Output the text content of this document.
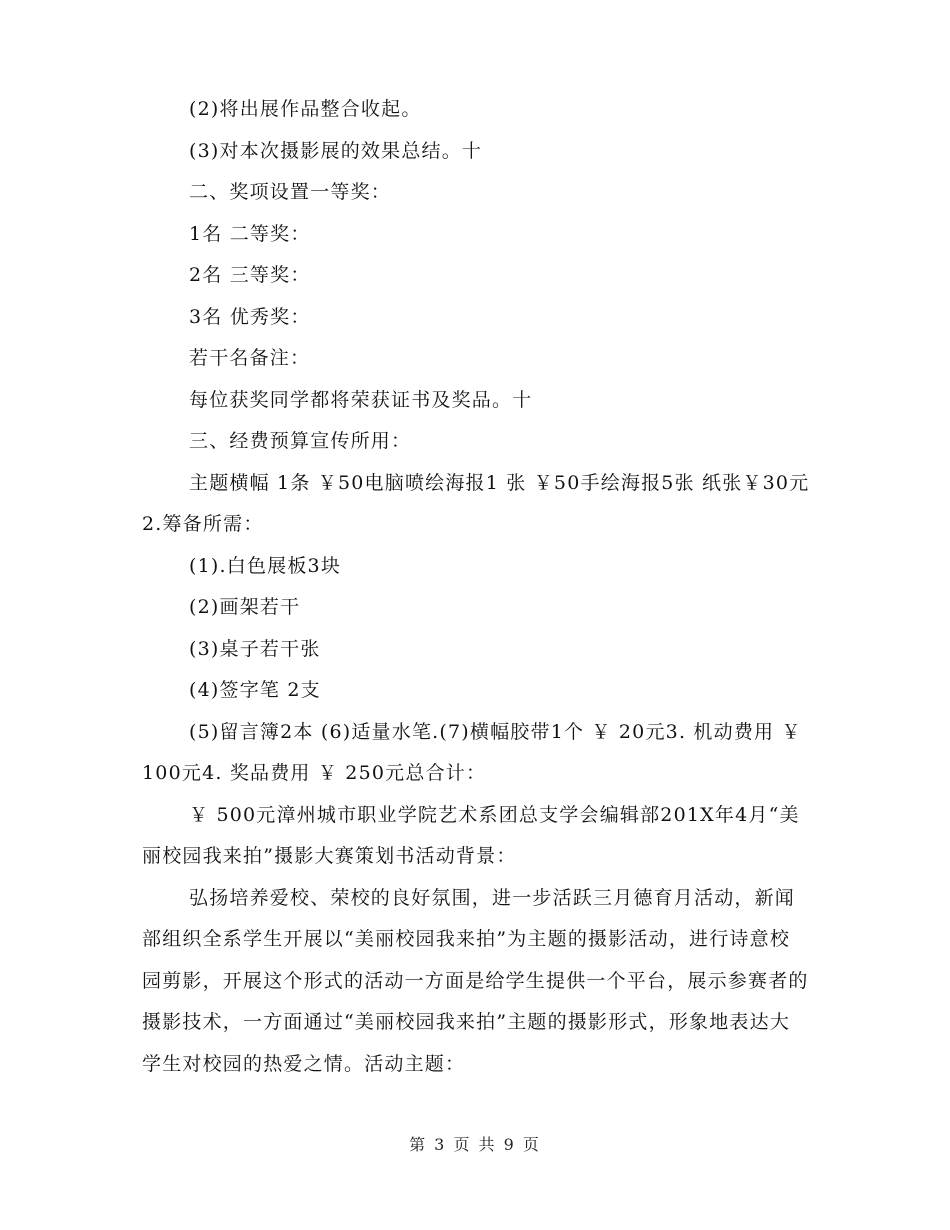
(2)将出展作品整合收起。

(3)对本次摄影展的效果总结。十

二、奖项设置一等奖：

1名 二等奖：

2名 三等奖：

3名 优秀奖：

若干名备注：

每位获奖同学都将荣获证书及奖品。十

三、经费预算宣传所用：

主题横幅 1条 ￥50电脑喷绘海报1 张 ￥50手绘海报5张 纸张￥30元2.筹备所需：

(1).白色展板3块

(2)画架若干

(3)桌子若干张

(4)签字笔 2支

(5)留言簿2本 (6)适量水笔.(7)横幅胶带1个 ￥ 20元3. 机动费用 ￥ 100元4. 奖品费用 ￥ 250元总合计：

￥ 500元漳州城市职业学院艺术系团总支学会编辑部201X年4月“美丽校园我来拍”摄影大赛策划书活动背景：

弘扬培养爱校、荣校的良好氛围，进一步活跃三月德育月活动，新闻部组织全系学生开展以“美丽校园我来拍”为主题的摄影活动，进行诗意校园剪影，开展这个形式的活动一方面是给学生提供一个平台，展示参赛者的摄影技术，一方面通过“美丽校园我来拍”主题的摄影形式，形象地表达大学生对校园的热爱之情。活动主题：

第 3 页 共 9 页
